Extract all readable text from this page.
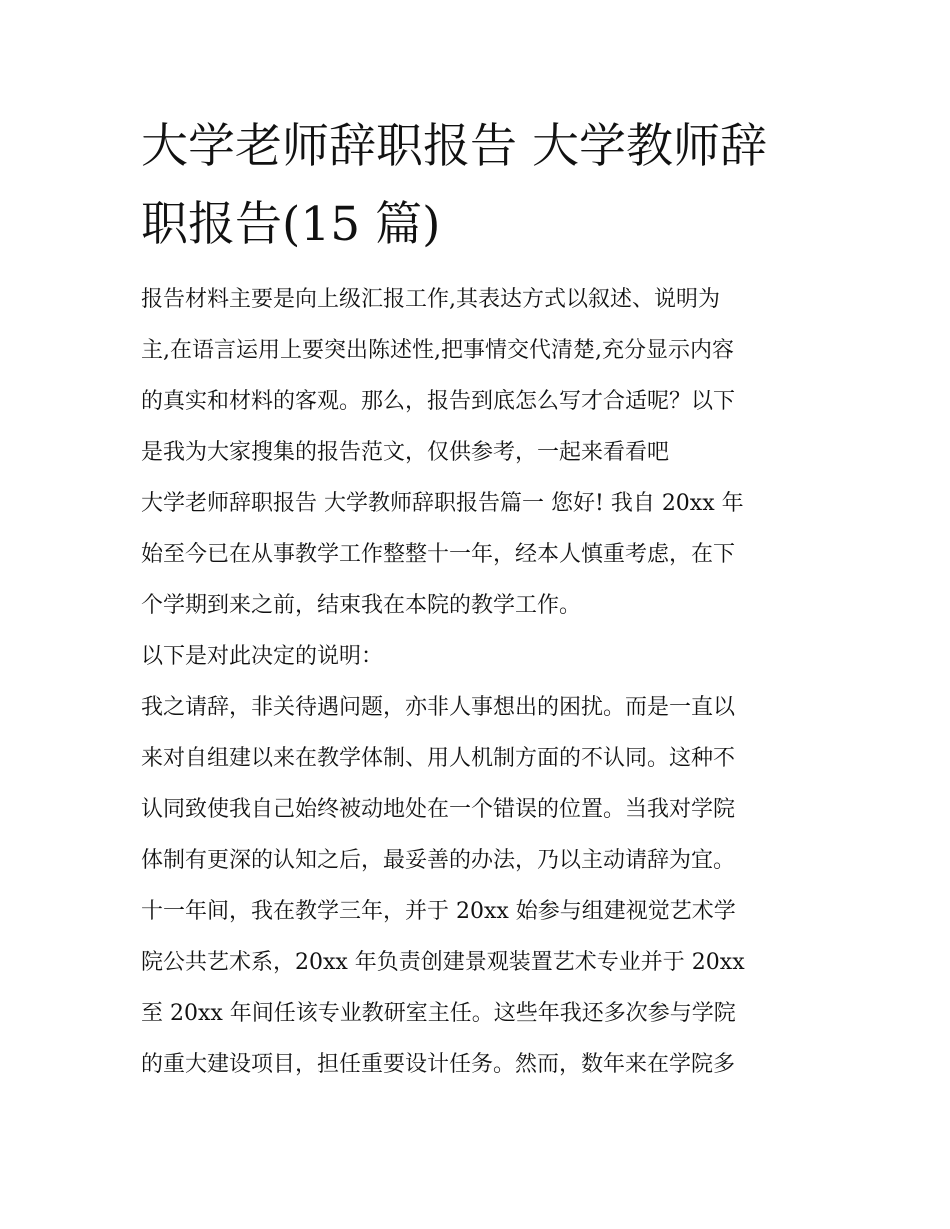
大学老师辞职报告 大学教师辞
职报告(15 篇)
报告材料主要是向上级汇报工作,其表达方式以叙述、说明为
主,在语言运用上要突出陈述性,把事情交代清楚,充分显示内容
的真实和材料的客观。那么，报告到底怎么写才合适呢？以下
是我为大家搜集的报告范文，仅供参考，一起来看看吧
大学老师辞职报告 大学教师辞职报告篇一 您好! 我自 20xx 年
始至今已在从事教学工作整整十一年，经本人慎重考虑，在下
个学期到来之前，结束我在本院的教学工作。
以下是对此决定的说明：
我之请辞，非关待遇问题，亦非人事想出的困扰。而是一直以
来对自组建以来在教学体制、用人机制方面的不认同。这种不
认同致使我自己始终被动地处在一个错误的位置。当我对学院
体制有更深的认知之后，最妥善的办法，乃以主动请辞为宜。
十一年间，我在教学三年，并于 20xx 始参与组建视觉艺术学
院公共艺术系，20xx 年负责创建景观装置艺术专业并于 20xx
至 20xx 年间任该专业教研室主任。这些年我还多次参与学院
的重大建设项目，担任重要设计任务。然而，数年来在学院多
